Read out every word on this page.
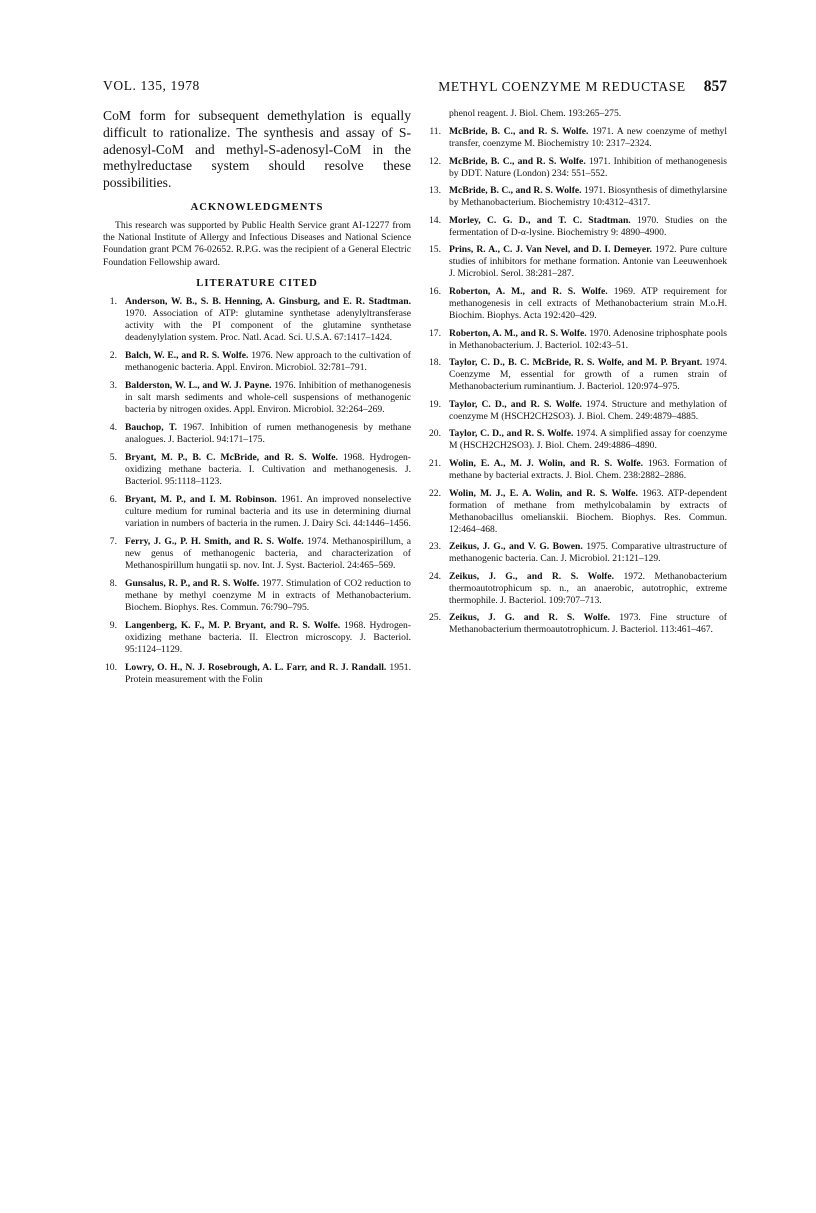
VOL. 135, 1978	METHYL COENZYME M REDUCTASE 857

CoM form for subsequent demethylation is equally difficult to rationalize. The synthesis and assay of S-adenosyl-CoM and methyl-S-adenosyl-CoM in the methylreductase system should resolve these possibilities.

ACKNOWLEDGMENTS

This research was supported by Public Health Service grant AI-12277 from the National Institute of Allergy and Infectious Diseases and National Science Foundation grant PCM 76-02652. R.P.G. was the recipient of a General Electric Foundation Fellowship award.

LITERATURE CITED
1. Anderson, W. B., S. B. Henning, A. Ginsburg, and E. R. Stadtman. 1970. Association of ATP: glutamine synthetase adenylyltransferase activity with the PI component of the glutamine synthetase deadenylylation system. Proc. Natl. Acad. Sci. U.S.A. 67:1417–1424.
2. Balch, W. E., and R. S. Wolfe. 1976. New approach to the cultivation of methanogenic bacteria. Appl. Environ. Microbiol. 32:781–791.
3. Balderston, W. L., and W. J. Payne. 1976. Inhibition of methanogenesis in salt marsh sediments and whole-cell suspensions of methanogenic bacteria by nitrogen oxides. Appl. Environ. Microbiol. 32:264–269.
4. Bauchop, T. 1967. Inhibition of rumen methanogenesis by methane analogues. J. Bacteriol. 94:171–175.
5. Bryant, M. P., B. C. McBride, and R. S. Wolfe. 1968. Hydrogen-oxidizing methane bacteria. I. Cultivation and methanogenesis. J. Bacteriol. 95:1118–1123.
6. Bryant, M. P., and I. M. Robinson. 1961. An improved nonselective culture medium for ruminal bacteria and its use in determining diurnal variation in numbers of bacteria in the rumen. J. Dairy Sci. 44:1446–1456.
7. Ferry, J. G., P. H. Smith, and R. S. Wolfe. 1974. Methanospirillum, a new genus of methanogenic bacteria, and characterization of Methanospirillum hungatii sp. nov. Int. J. Syst. Bacteriol. 24:465–569.
8. Gunsalus, R. P., and R. S. Wolfe. 1977. Stimulation of CO2 reduction to methane by methyl coenzyme M in extracts of Methanobacterium. Biochem. Biophys. Res. Commun. 76:790–795.
9. Langenberg, K. F., M. P. Bryant, and R. S. Wolfe. 1968. Hydrogen-oxidizing methane bacteria. II. Electron microscopy. J. Bacteriol. 95:1124–1129.
10. Lowry, O. H., N. J. Rosebrough, A. L. Farr, and R. J. Randall. 1951. Protein measurement with the Folin
phenol reagent. J. Biol. Chem. 193:265–275.
11. McBride, B. C., and R. S. Wolfe. 1971. A new coenzyme of methyl transfer, coenzyme M. Biochemistry 10: 2317–2324.
12. McBride, B. C., and R. S. Wolfe. 1971. Inhibition of methanogenesis by DDT. Nature (London) 234: 551–552.
13. McBride, B. C., and R. S. Wolfe. 1971. Biosynthesis of dimethylarsine by Methanobacterium. Biochemistry 10:4312–4317.
14. Morley, C. G. D., and T. C. Stadtman. 1970. Studies on the fermentation of D-α-lysine. Biochemistry 9: 4890–4900.
15. Prins, R. A., C. J. Van Nevel, and D. I. Demeyer. 1972. Pure culture studies of inhibitors for methane formation. Antonie van Leeuwenhoek J. Microbiol. Serol. 38:281–287.
16. Roberton, A. M., and R. S. Wolfe. 1969. ATP requirement for methanogenesis in cell extracts of Methanobacterium strain M.o.H. Biochim. Biophys. Acta 192:420–429.
17. Roberton, A. M., and R. S. Wolfe. 1970. Adenosine triphosphate pools in Methanobacterium. J. Bacteriol. 102:43–51.
18. Taylor, C. D., B. C. McBride, R. S. Wolfe, and M. P. Bryant. 1974. Coenzyme M, essential for growth of a rumen strain of Methanobacterium ruminantium. J. Bacteriol. 120:974–975.
19. Taylor, C. D., and R. S. Wolfe. 1974. Structure and methylation of coenzyme M (HSCH2CH2SO3). J. Biol. Chem. 249:4879–4885.
20. Taylor, C. D., and R. S. Wolfe. 1974. A simplified assay for coenzyme M (HSCH2CH2SO3). J. Biol. Chem. 249:4886–4890.
21. Wolin, E. A., M. J. Wolin, and R. S. Wolfe. 1963. Formation of methane by bacterial extracts. J. Biol. Chem. 238:2882–2886.
22. Wolin, M. J., E. A. Wolin, and R. S. Wolfe. 1963. ATP-dependent formation of methane from methylcobalamin by extracts of Methanobacillus omelianskii. Biochem. Biophys. Res. Commun. 12:464–468.
23. Zeikus, J. G., and V. G. Bowen. 1975. Comparative ultrastructure of methanogenic bacteria. Can. J. Microbiol. 21:121–129.
24. Zeikus, J. G., and R. S. Wolfe. 1972. Methanobacterium thermoautotrophicum sp. n., an anaerobic, autotrophic, extreme thermophile. J. Bacteriol. 109:707–713.
25. Zeikus, J. G. and R. S. Wolfe. 1973. Fine structure of Methanobacterium thermoautotrophicum. J. Bacteriol. 113:461–467.
